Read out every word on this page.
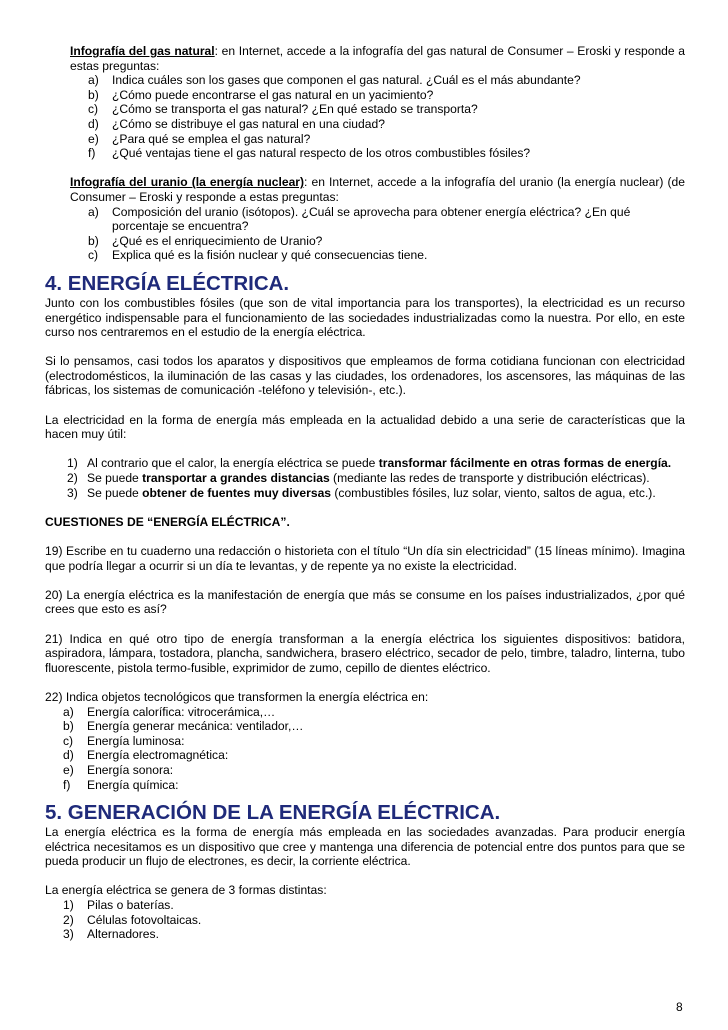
Infografía del gas natural: en Internet, accede a la infografía del gas natural de Consumer – Eroski y responde a estas preguntas:

a)	Indica cuáles son los gases que componen el gas natural. ¿Cuál es el más abundante?
b)	¿Cómo puede encontrarse el gas natural en un yacimiento?
c)	¿Cómo se transporta el gas natural? ¿En qué estado se transporta?
d)	¿Cómo se distribuye el gas natural en una ciudad?
e)	¿Para qué se emplea el gas natural?
f)	¿Qué ventajas tiene el gas natural respecto de los otros combustibles fósiles?

Infografía del uranio (la energía nuclear): en Internet, accede a la infografía del uranio (la energía nuclear) (de Consumer – Eroski y responde a estas preguntas:

a)	Composición del uranio (isótopos). ¿Cuál se aprovecha para obtener energía eléctrica? ¿En qué porcentaje se encuentra?
b)	¿Qué es el enriquecimiento de Uranio?
c)	Explica qué es la fisión nuclear y qué consecuencias tiene.
4. ENERGÍA ELÉCTRICA.

Junto con los combustibles fósiles (que son de vital importancia para los transportes), la electricidad es un recurso energético indispensable para el funcionamiento de las sociedades industrializadas como la nuestra. Por ello, en este curso nos centraremos en el estudio de la energía eléctrica.

Si lo pensamos, casi todos los aparatos y dispositivos que empleamos de forma cotidiana funcionan con electricidad (electrodomésticos, la iluminación de las casas y las ciudades, los ordenadores, los ascensores, las máquinas de las fábricas, los sistemas de comunicación -teléfono y televisión-, etc.).

La electricidad en la forma de energía más empleada en la actualidad debido a una serie de características que la hacen muy útil:

1) Al contrario que el calor, la energía eléctrica se puede transformar fácilmente en otras formas de energía.
2) Se puede transportar a grandes distancias (mediante las redes de transporte y distribución eléctricas).
3) Se puede obtener de fuentes muy diversas (combustibles fósiles, luz solar, viento, saltos de agua, etc.).

CUESTIONES DE “ENERGÍA ELÉCTRICA”.

19) Escribe en tu cuaderno una redacción o historieta con el título “Un día sin electricidad” (15 líneas mínimo). Imagina que podría llegar a ocurrir si un día te levantas, y de repente ya no existe la electricidad.

20) La energía eléctrica es la manifestación de energía que más se consume en los países industrializados, ¿por qué crees que esto es así?

21) Indica en qué otro tipo de energía transforman a la energía eléctrica los siguientes dispositivos: batidora, aspiradora, lámpara, tostadora, plancha, sandwichera, brasero eléctrico, secador de pelo, timbre, taladro, linterna, tubo fluorescente, pistola termo-fusible, exprimidor de zumo, cepillo de dientes eléctrico.

22) Indica objetos tecnológicos que transformen la energía eléctrica en:

a)	Energía calorífica: vitrocerámica,…
b)	Energía generar mecánica: ventilador,…
c)	Energía luminosa:
d)	Energía electromagnética:
e)	Energía sonora:
f)	Energía química:
5. GENERACIÓN DE LA ENERGÍA ELÉCTRICA.

La energía eléctrica es la forma de energía más empleada en las sociedades avanzadas. Para producir energía eléctrica necesitamos es un dispositivo que cree y mantenga una diferencia de potencial entre dos puntos para que se pueda producir un flujo de electrones, es decir, la corriente eléctrica.

La energía eléctrica se genera de 3 formas distintas:

1)	Pilas o baterías.
2)	Células fotovoltaicas.
3)	Alternadores.
8
